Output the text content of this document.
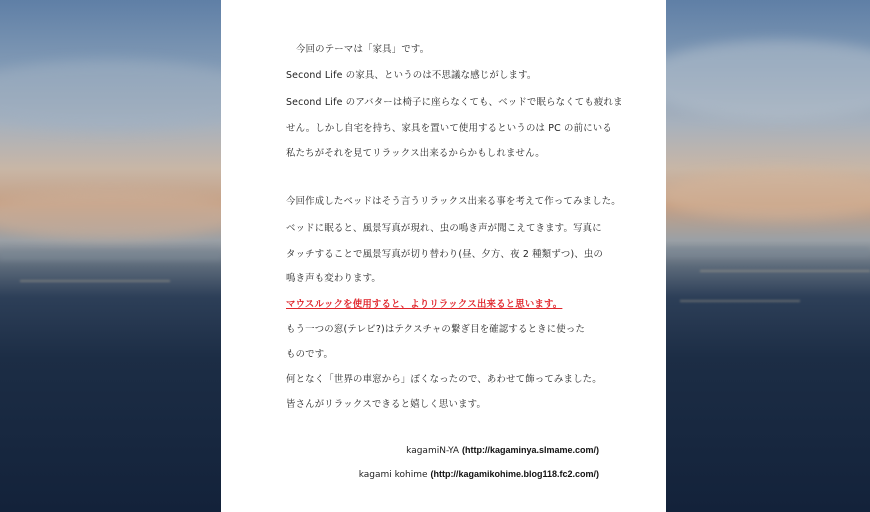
今回のテーマは「家具」です。
Second Life の家具、というのは不思議な感じがします。
Second Life のアバターは椅子に座らなくても、ベッドで眠らなくても疲れま
せん。しかし自宅を持ち、家具を置いて使用するというのは PC の前にいる
私たちがそれを見てリラックス出来るからかもしれません。
今回作成したベッドはそう言うリラックス出来る事を考えて作ってみました。
ベッドに眠ると、風景写真が現れ、虫の鳴き声が聞こえてきます。写真に
タッチすることで風景写真が切り替わり(昼、夕方、夜 2 種類ずつ)、虫の
鳴き声も変わります。
マウスルックを使用すると、よりリラックス出来ると思います。
もう一つの窓(テレビ?)はテクスチャの繋ぎ目を確認するときに使った
ものです。
何となく「世界の車窓から」ぽくなったので、あわせて飾ってみました。
皆さんがリラックスできると嬉しく思います。
kagamiN-YA (http://kagaminya.slmame.com/)
kagami kohime (http://kagamikohime.blog118.fc2.com/)
